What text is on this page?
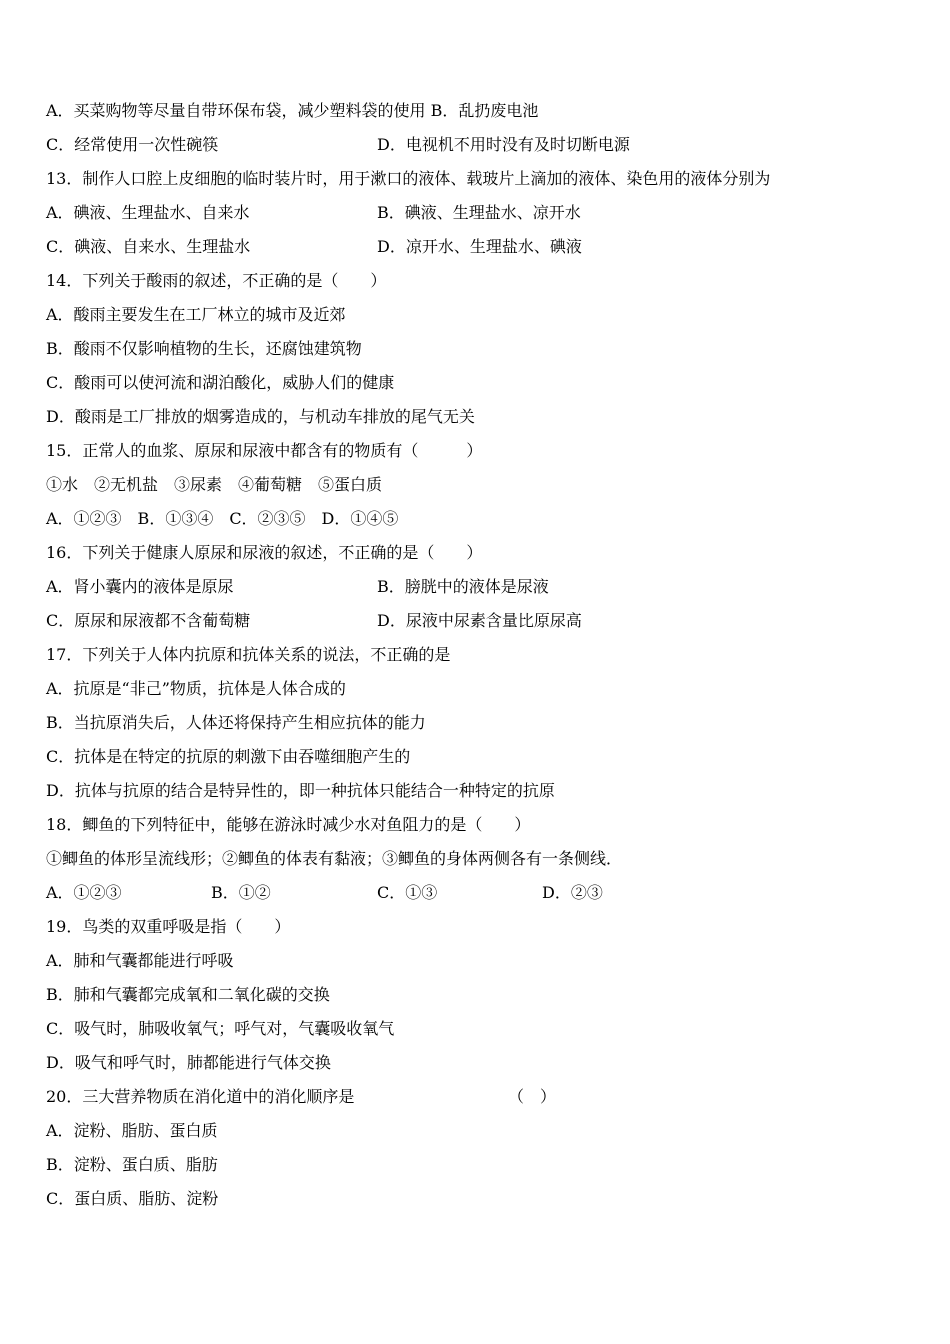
A．买菜购物等尽量自带环保布袋，减少塑料袋的使用 B．乱扔废电池
C．经常使用一次性碗筷	D．电视机不用时没有及时切断电源
13．制作人口腔上皮细胞的临时装片时，用于漱口的液体、载玻片上滴加的液体、染色用的液体分别为
A．碘液、生理盐水、自来水	B．碘液、生理盐水、凉开水
C．碘液、自来水、生理盐水	D．凉开水、生理盐水、碘液
14．下列关于酸雨的叙述，不正确的是（　　）
A．酸雨主要发生在工厂林立的城市及近郊
B．酸雨不仅影响植物的生长，还腐蚀建筑物
C．酸雨可以使河流和湖泊酸化，威胁人们的健康
D．酸雨是工厂排放的烟雾造成的，与机动车排放的尾气无关
15．正常人的血浆、原尿和尿液中都含有的物质有（　　　）
①水　②无机盐　③尿素　④葡萄糖　⑤蛋白质
A．①②③　B．①③④　C．②③⑤　D．①④⑤
16．下列关于健康人原尿和尿液的叙述，不正确的是（　　）
A．肾小囊内的液体是原尿	B．膀胱中的液体是尿液
C．原尿和尿液都不含葡萄糖	D．尿液中尿素含量比原尿高
17．下列关于人体内抗原和抗体关系的说法，不正确的是
A．抗原是“非己”物质，抗体是人体合成的
B．当抗原消失后，人体还将保持产生相应抗体的能力
C．抗体是在特定的抗原的刺激下由吞噬细胞产生的
D．抗体与抗原的结合是特异性的，即一种抗体只能结合一种特定的抗原
18．鲫鱼的下列特征中，能够在游泳时减少水对鱼阻力的是（　　）
①鲫鱼的体形呈流线形；②鲫鱼的体表有黏液；③鲫鱼的身体两侧各有一条侧线．
A．①②③	B．①②	C．①③	D．②③
19．鸟类的双重呼吸是指（　　）
A．肺和气囊都能进行呼吸
B．肺和气囊都完成氧和二氧化碳的交换
C．吸气时，肺吸收氧气；呼气对，气囊吸收氧气
D．吸气和呼气时，肺都能进行气体交换
20．三大营养物质在消化道中的消化顺序是	（　）
A．淀粉、脂肪、蛋白质
B．淀粉、蛋白质、脂肪
C．蛋白质、脂肪、淀粉
